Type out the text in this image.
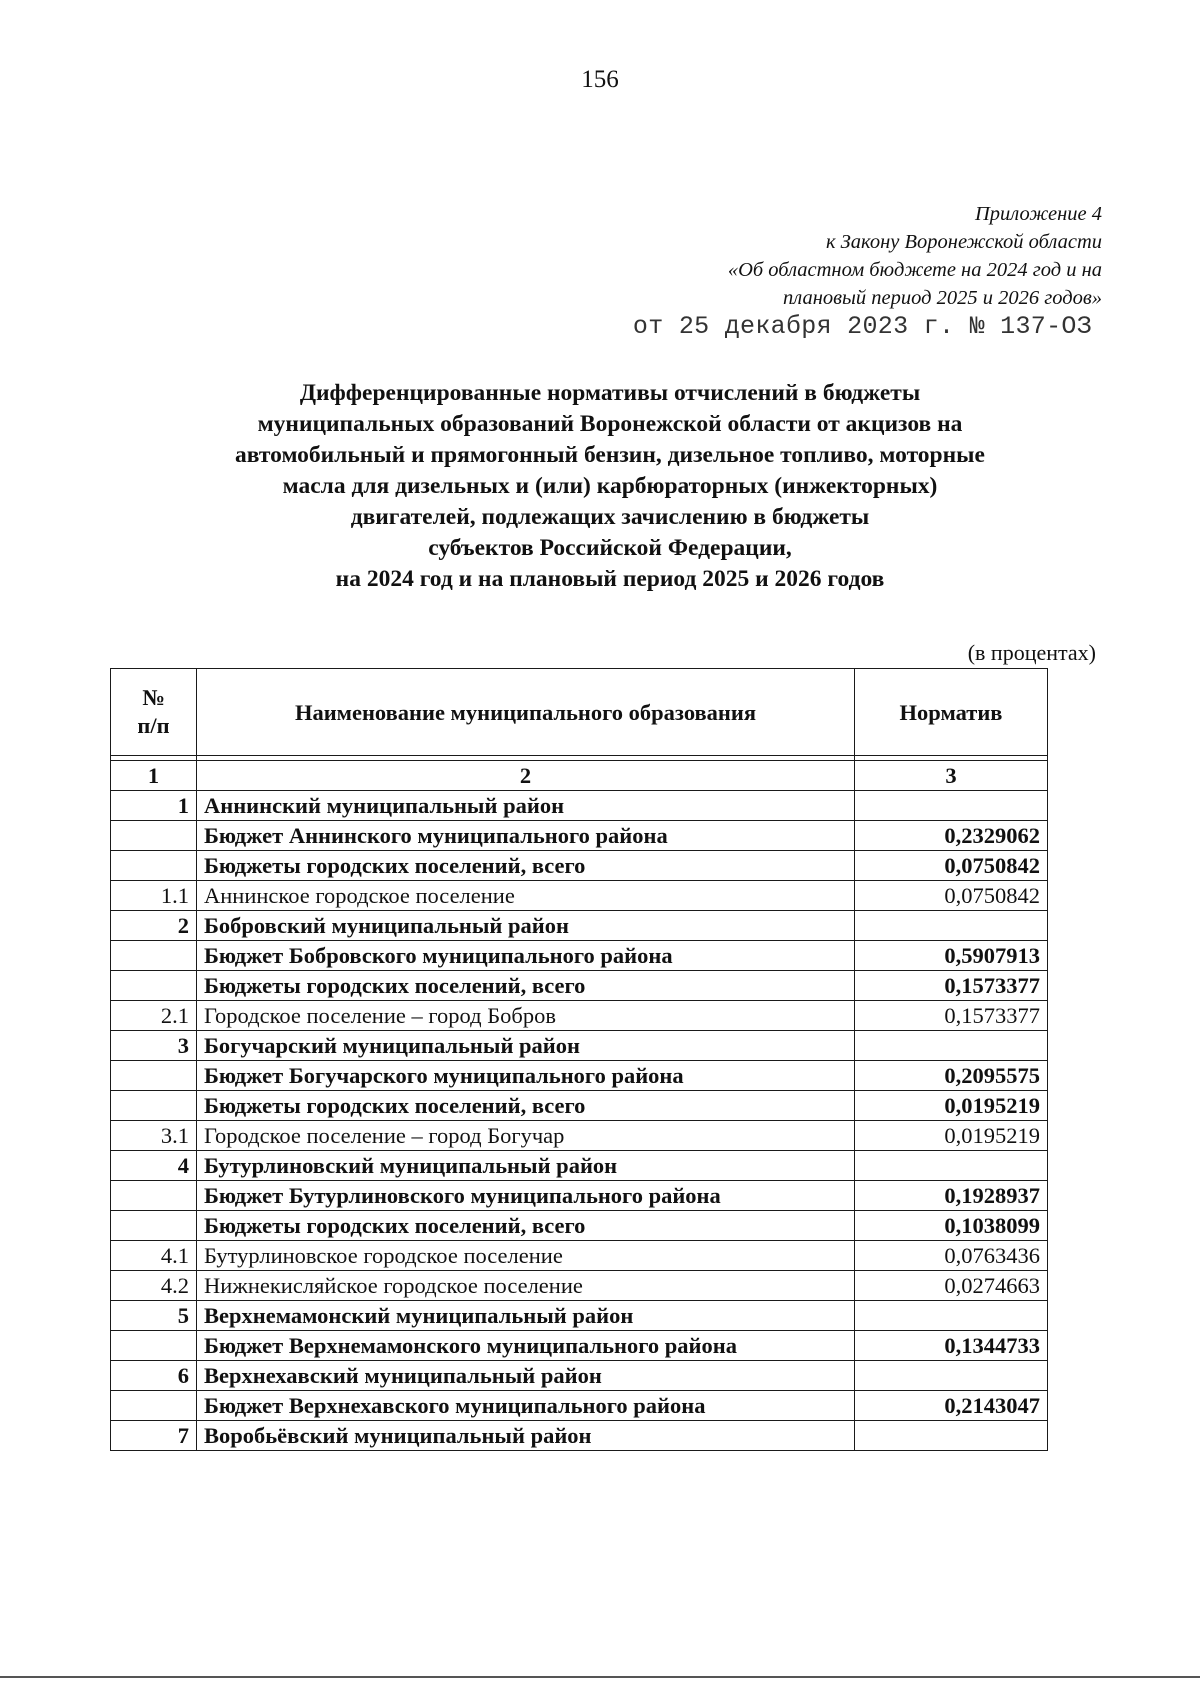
156
Приложение 4
к Закону Воронежской области
«Об областном бюджете на 2024 год и на
плановый период 2025 и 2026 годов»
от 25 декабря 2023 г. № 137-ОЗ
Дифференцированные нормативы отчислений в бюджеты
муниципальных образований Воронежской области от акцизов на
автомобильный и прямогонный бензин, дизельное топливо, моторные
масла для дизельных и (или) карбюраторных (инжекторных)
двигателей, подлежащих зачислению в бюджеты
субъектов Российской Федерации,
на 2024 год и на плановый период 2025 и 2026 годов
(в процентах)
№
п/п	Наименование муниципального образования	Норматив

1	2	3
1	Аннинский муниципальный район	
	Бюджет Аннинского муниципального района	0,2329062
	Бюджеты городских поселений, всего	0,0750842
1.1	Аннинское городское поселение	0,0750842
2	Бобровский муниципальный район	
	Бюджет Бобровского муниципального района	0,5907913
	Бюджеты городских поселений, всего	0,1573377
2.1	Городское поселение – город Бобров	0,1573377
3	Богучарский муниципальный район	
	Бюджет Богучарского муниципального района	0,2095575
	Бюджеты городских поселений, всего	0,0195219
3.1	Городское поселение – город Богучар	0,0195219
4	Бутурлиновский муниципальный район	
	Бюджет Бутурлиновского муниципального района	0,1928937
	Бюджеты городских поселений, всего	0,1038099
4.1	Бутурлиновское городское поселение	0,0763436
4.2	Нижнекисляйское городское поселение	0,0274663
5	Верхнемамонский муниципальный район	
	Бюджет Верхнемамонского муниципального района	0,1344733
6	Верхнехавский муниципальный район	
	Бюджет Верхнехавского муниципального района	0,2143047
7	Воробьёвский муниципальный район	
